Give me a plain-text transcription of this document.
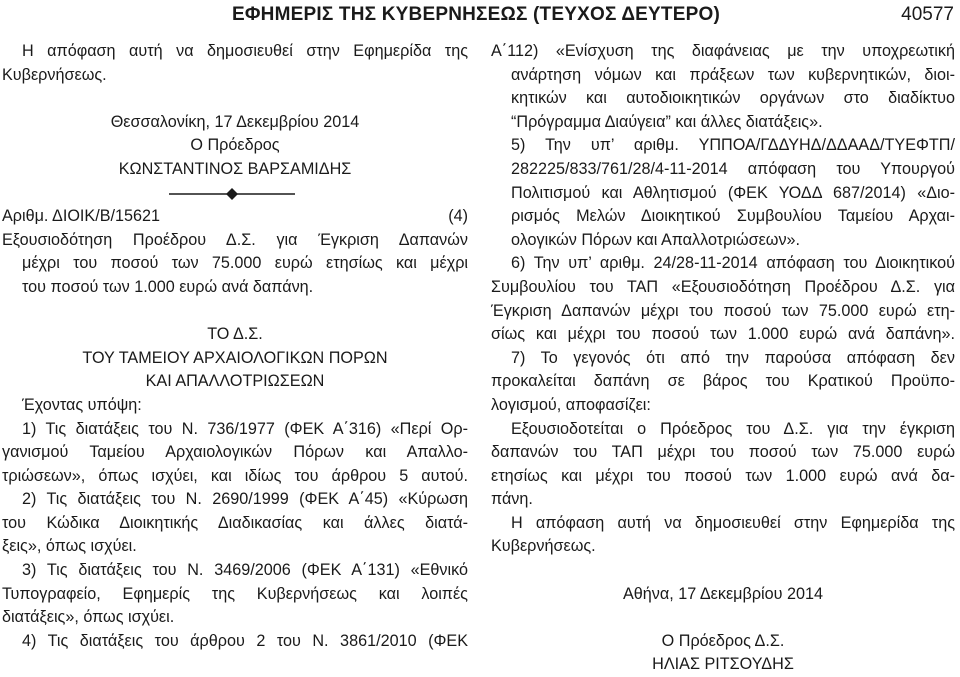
ΕΦΗΜΕΡΙΣ ΤΗΣ ΚΥΒΕΡΝΗΣΕΩΣ (ΤΕΥΧΟΣ ΔΕΥΤΕΡΟ)	40577
Η απόφαση αυτή να δημοσιευθεί στην Εφημερίδα της
Κυβερνήσεως.
Θεσσαλονίκη, 17 Δεκεμβρίου 2014
Ο Πρόεδρος
ΚΩΝΣΤΑΝΤΙΝΟΣ ΒΑΡΣΑΜΙΔΗΣ
Αριθμ. ΔΙΟΙΚ/Β/15621	(4)
Εξουσιοδότηση Προέδρου Δ.Σ. για Έγκριση Δαπανών
μέχρι του ποσού των 75.000 ευρώ ετησίως και μέχρι
του ποσού των 1.000 ευρώ ανά δαπάνη.
ΤΟ Δ.Σ.
ΤΟΥ ΤΑΜΕΙΟΥ ΑΡΧΑΙΟΛΟΓΙΚΩΝ ΠΟΡΩΝ
ΚΑΙ ΑΠΑΛΛΟΤΡΙΩΣΕΩΝ
Έχοντας υπόψη:
1) Τις διατάξεις του Ν. 736/1977 (ΦΕΚ Α΄316) «Περί Ορ-
γανισμού Ταμείου Αρχαιολογικών Πόρων και Απαλλο-
τριώσεων», όπως ισχύει, και ιδίως του άρθρου 5 αυτού.
2) Τις διατάξεις του Ν. 2690/1999 (ΦΕΚ Α΄45) «Κύρωση
του Κώδικα Διοικητικής Διαδικασίας και άλλες διατά-
ξεις», όπως ισχύει.
3) Τις διατάξεις του Ν. 3469/2006 (ΦΕΚ Α΄131) «Εθνικό
Τυπογραφείο, Εφημερίς της Κυβερνήσεως και λοιπές
διατάξεις», όπως ισχύει.
4) Τις διατάξεις του άρθρου 2 του Ν. 3861/2010 (ΦΕΚ
Α΄112) «Ενίσχυση της διαφάνειας με την υποχρεωτική
ανάρτηση νόμων και πράξεων των κυβερνητικών, διοι-
κητικών και αυτοδιοικητικών οργάνων στο διαδίκτυο
“Πρόγραμμα Διαύγεια” και άλλες διατάξεις».
5) Την υπ’ αριθμ. ΥΠΠΟΑ/ΓΔΔΥΗΔ/ΔΔΑΑΔ/ΤΥΕΦΤΠ/
282225/833/761/28/4-11-2014 απόφαση του Υπουργού
Πολιτισμού και Αθλητισμού (ΦΕΚ ΥΟΔΔ 687/2014) «Διο-
ρισμός Μελών Διοικητικού Συμβουλίου Ταμείου Αρχαι-
ολογικών Πόρων και Απαλλοτριώσεων».
6) Την υπ’ αριθμ. 24/28-11-2014 απόφαση του Διοικητικού
Συμβουλίου του ΤΑΠ «Εξουσιοδότηση Προέδρου Δ.Σ. για
Έγκριση Δαπανών μέχρι του ποσού των 75.000 ευρώ ετη-
σίως και μέχρι του ποσού των 1.000 ευρώ ανά δαπάνη».
7) Το γεγονός ότι από την παρούσα απόφαση δεν
προκαλείται δαπάνη σε βάρος του Κρατικού Προϋπο-
λογισμού, αποφασίζει:
Εξουσιοδοτείται ο Πρόεδρος του Δ.Σ. για την έγκριση
δαπανών του ΤΑΠ μέχρι του ποσού των 75.000 ευρώ
ετησίως και μέχρι του ποσού των 1.000 ευρώ ανά δα-
πάνη.
Η απόφαση αυτή να δημοσιευθεί στην Εφημερίδα της
Κυβερνήσεως.
Αθήνα, 17 Δεκεμβρίου 2014
Ο Πρόεδρος Δ.Σ.
ΗΛΙΑΣ ΡΙΤΣΟΥΔΗΣ
